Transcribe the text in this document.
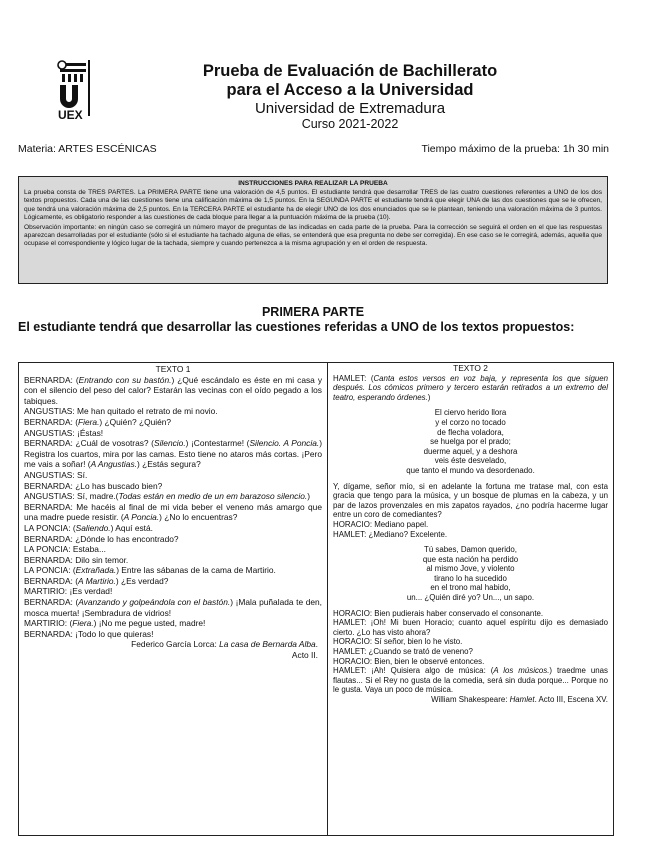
UEX
Prueba de Evaluación de Bachillerato
para el Acceso a la Universidad
Universidad de Extremadura
Curso 2021-2022
Materia: ARTES ESCÉNICAS	Tiempo máximo de la prueba: 1h 30 min
INSTRUCCIONES PARA REALIZAR LA PRUEBA

La prueba consta de TRES PARTES. La PRIMERA PARTE tiene una valoración de 4,5 puntos. El estudiante tendrá que desarrollar TRES de las cuatro cuestiones referentes a UNO de los dos textos propuestos. Cada una de las cuestiones tiene una calificación máxima de 1,5 puntos. En la SEGUNDA PARTE el estudiante tendrá que elegir UNA de las dos cuestiones que se le ofrecen, que tendrá una valoración máxima de 2,5 puntos. En la TERCERA PARTE el estudiante ha de elegir UNO de los dos enunciados que se le plantean, teniendo una valoración máxima de 3 puntos. Lógicamente, es obligatorio responder a las cuestiones de cada bloque para llegar a la puntuación máxima de la prueba (10).

Observación importante: en ningún caso se corregirá un número mayor de preguntas de las indicadas en cada parte de la prueba. Para la corrección se seguirá el orden en el que las respuestas aparezcan desarrolladas por el estudiante (sólo si el estudiante ha tachado alguna de ellas, se entenderá que esa pregunta no debe ser corregida). En ese caso se le corregirá, además, aquella que ocupase el correspondiente y lógico lugar de la tachada, siempre y cuando pertenezca a la misma agrupación y en el orden de respuesta.

PRIMERA PARTE
El estudiante tendrá que desarrollar las cuestiones referidas a UNO de los textos propuestos:
TEXTO 1

BERNARDA: (Entrando con su bastón.) ¿Qué escándalo es éste en mi casa y con el silencio del peso del calor? Estarán las vecinas con el oído pegado a los tabiques.

ANGUSTIAS: Me han quitado el retrato de mi novio.

BERNARDA: (Fiera.) ¿Quién? ¿Quién?

ANGUSTIAS: ¡Éstas!

BERNARDA: ¿Cuál de vosotras? (Silencio.) ¡Contestarme! (Silencio. A Poncia.) Registra los cuartos, mira por las camas. Esto tiene no ataros más cortas. ¡Pero me vais a soñar! (A Angustias.) ¿Estás segura?

ANGUSTIAS: Sí.

BERNARDA: ¿Lo has buscado bien?

ANGUSTIAS: Sí, madre.(Todas están en medio de un em barazoso silencio.)

BERNARDA: Me hacéis al final de mi vida beber el veneno más amargo que una madre puede resistir. (A Poncia.) ¿No lo encuentras?

LA PONCIA: (Saliendo.) Aquí está.

BERNARDA: ¿Dónde lo has encontrado?

LA PONCIA: Estaba...

BERNARDA: Dilo sin temor.

LA PONCIA: (Extrañada.) Entre las sábanas de la cama de Martirio.

BERNARDA: (A Martirio.) ¿Es verdad?

MARTIRIO: ¡Es verdad!

BERNARDA: (Avanzando y golpeándola con el bastón.) ¡Mala puñalada te den, mosca muerta! ¡Sembradura de vidrios!

MARTIRIO: (Fiera.) ¡No me pegue usted, madre!

BERNARDA: ¡Todo lo que quieras!

Federico García Lorca: La casa de Bernarda Alba.
Acto II.
TEXTO 2

HAMLET: (Canta estos versos en voz baja, y representa los que siguen después. Los cómicos primero y tercero estarán retirados a un extremo del teatro, esperando órdenes.)

El ciervo herido llora

y el corzo no tocado

de flecha voladora,

se huelga por el prado;

duerme aquel, y a deshora

veis éste desvelado,

que tanto el mundo va desordenado.

Y, dígame, señor mío, si en adelante la fortuna me tratase mal, con esta gracia que tengo para la música, y un bosque de plumas en la cabeza, y un par de lazos provenzales en mis zapatos rayados, ¿no podría hacerme lugar entre un coro de comediantes?

HORACIO: Mediano papel.

HAMLET: ¿Mediano? Excelente.

Tú sabes, Damon querido,

que esta nación ha perdido

al mismo Jove, y violento

tirano lo ha sucedido

en el trono mal habido,

un... ¿Quién diré yo? Un..., un sapo.

HORACIO: Bien pudierais haber conservado el consonante.

HAMLET: ¡Oh! Mi buen Horacio; cuanto aquel espíritu dijo es demasiado cierto. ¿Lo has visto ahora?

HORACIO: Sí señor, bien lo he visto.

HAMLET: ¿Cuando se trató de veneno?

HORACIO: Bien, bien le observé entonces.

HAMLET: ¡Ah! Quisiera algo de música: (A los músicos.) traedme unas flautas... Si el Rey no gusta de la comedia, será sin duda porque... Porque no le gusta. Vaya un poco de música.

William Shakespeare: Hamlet. Acto III, Escena XV.
